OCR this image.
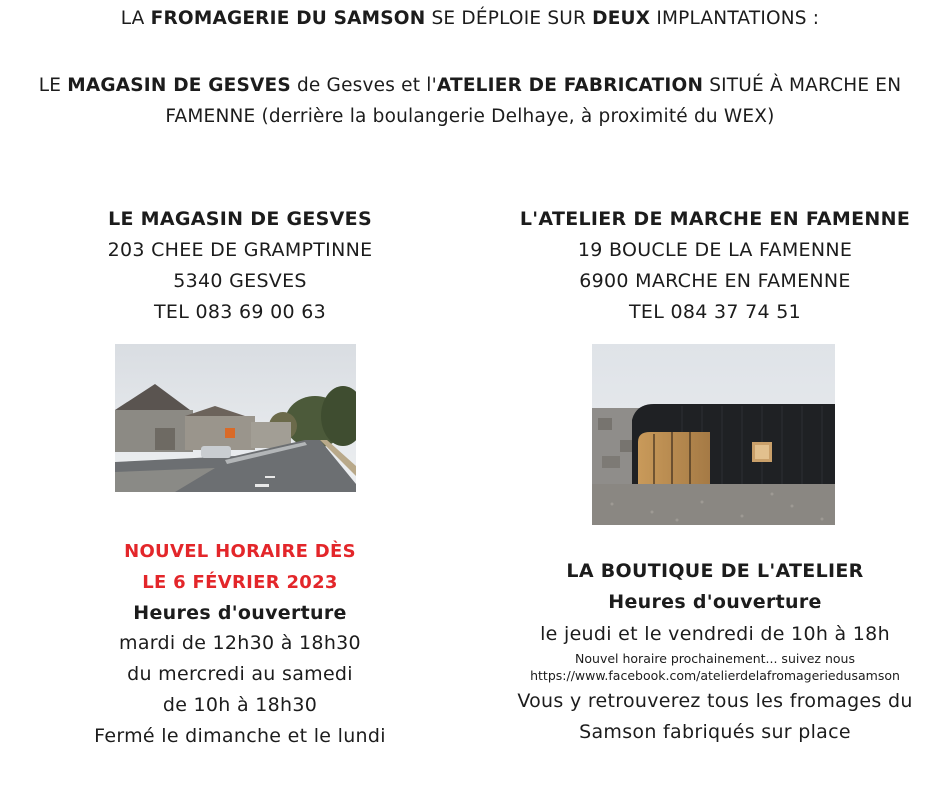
LA FROMAGERIE DU SAMSON SE DÉPLOIE SUR DEUX IMPLANTATIONS :
LE MAGASIN DE GESVES de Gesves et l'ATELIER DE FABRICATION SITUÉ À MARCHE EN FAMENNE (derrière la boulangerie Delhaye, à proximité du WEX)
LE MAGASIN DE GESVES
203 CHEE DE GRAMPTINNE
5340 GESVES
TEL 083 69 00 63
NOUVEL HORAIRE DÈS
LE 6 FÉVRIER 2023
Heures d'ouverture
mardi de 12h30 à 18h30
du mercredi au samedi
de 10h à 18h30
Fermé le dimanche et le lundi
L'ATELIER DE MARCHE EN FAMENNE
19 BOUCLE DE LA FAMENNE
6900 MARCHE EN FAMENNE
TEL 084 37 74 51
LA BOUTIQUE DE L'ATELIER
Heures d'ouverture
le jeudi et le vendredi de 10h à 18h
Nouvel horaire prochainement... suivez nous
https://www.facebook.com/atelierdelafromageriedusamson
Vous y retrouverez tous les fromages du
Samson fabriqués sur place
